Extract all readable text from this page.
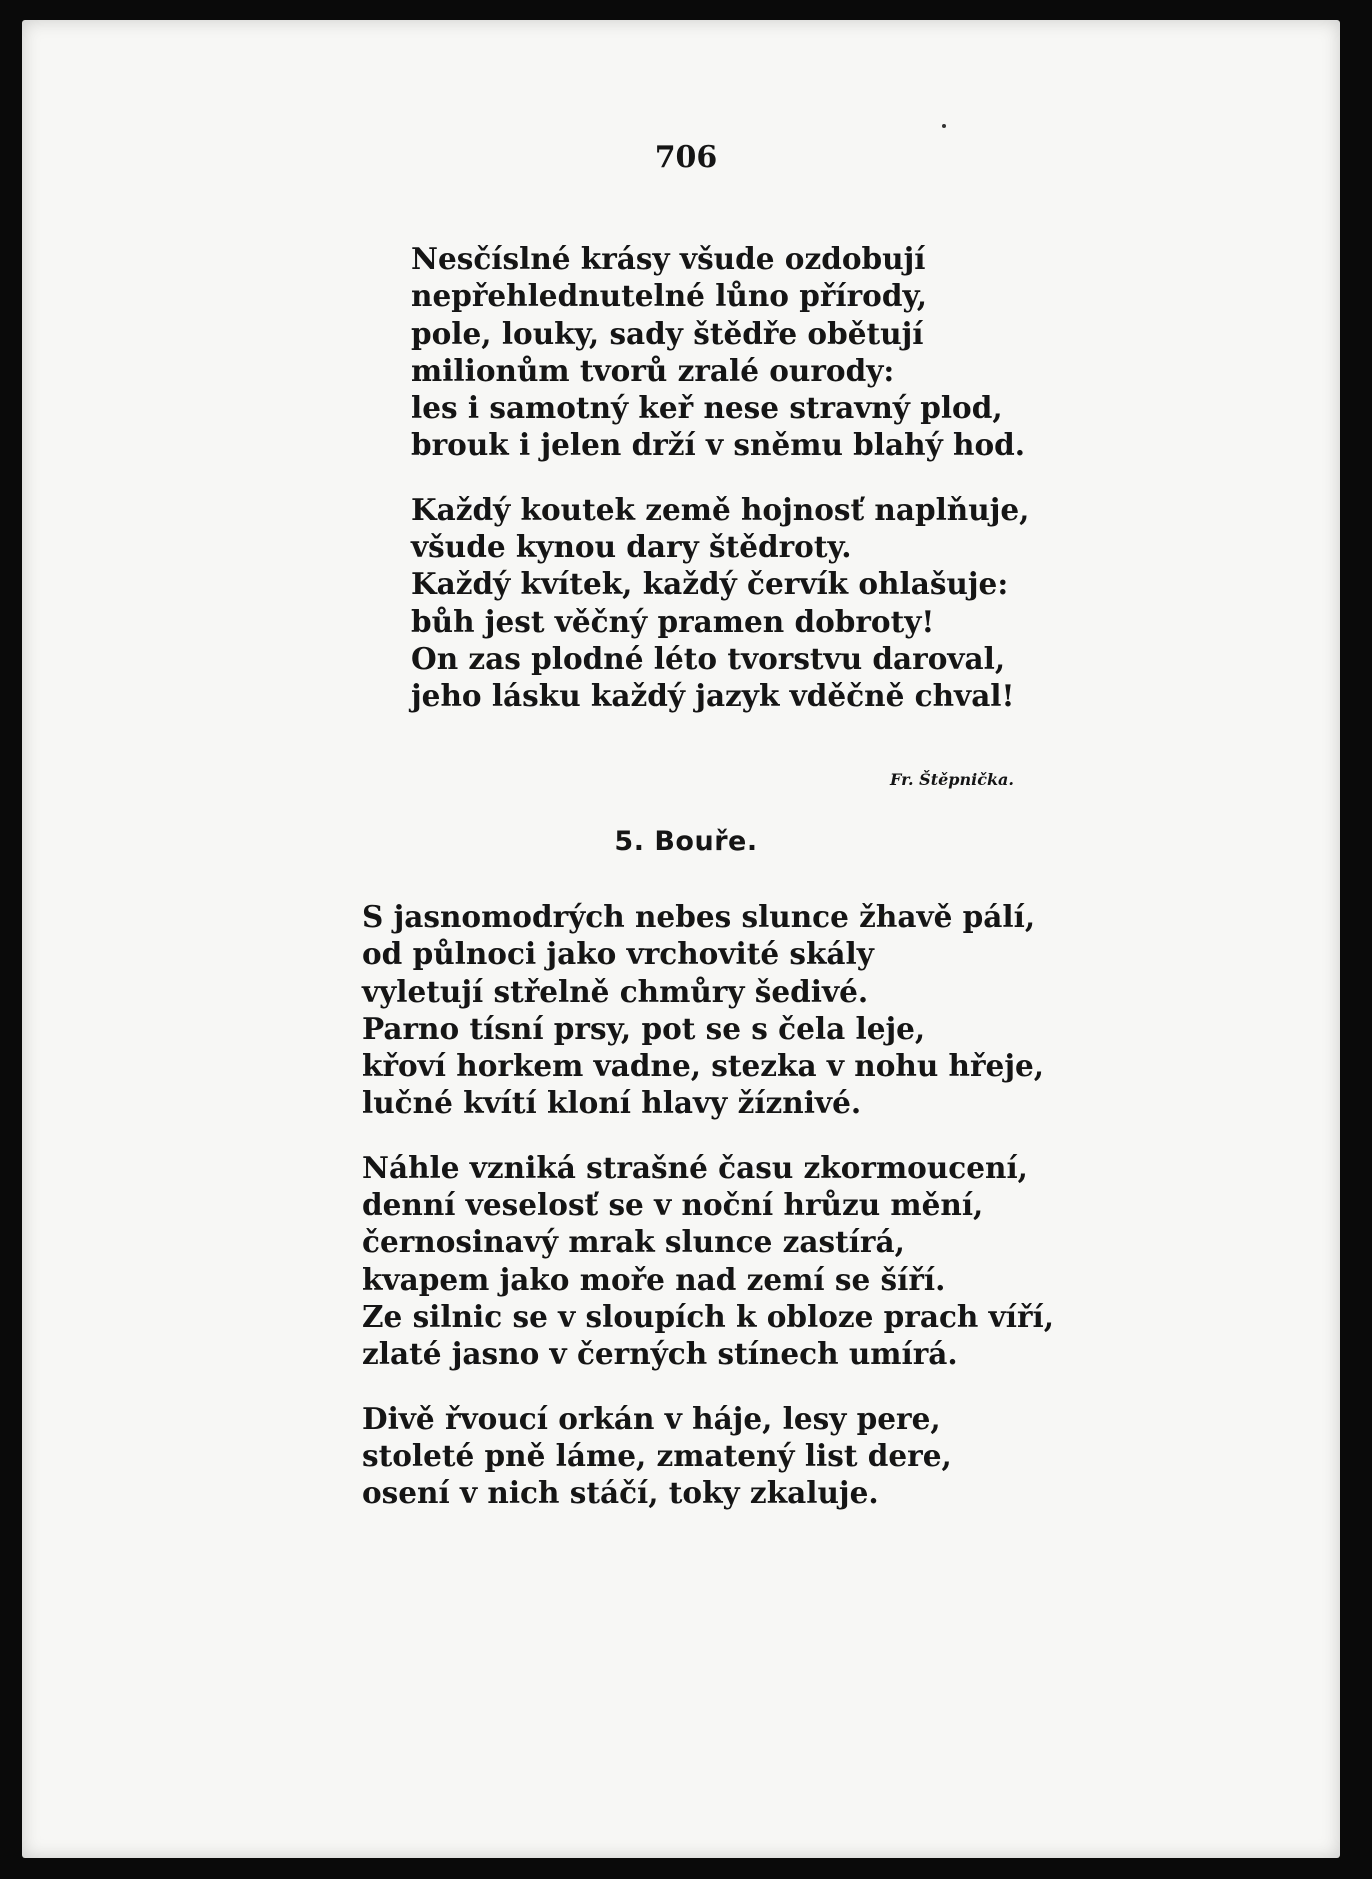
706
Nesčíslné krásy všude ozdobují
nepřehlednutelné lůno přírody,
pole, louky, sady štědře obětují
milionům tvorů zralé ourody:
les i samotný keř nese stravný plod,
brouk i jelen drží v sněmu blahý hod.
Každý koutek země hojnosť naplňuje,
všude kynou dary štědroty.
Každý kvítek, každý červík ohlašuje:
bůh jest věčný pramen dobroty!
On zas plodné léto tvorstvu daroval,
jeho lásku každý jazyk vděčně chval!
Fr. Štěpnička.
5. Bouře.
S jasnomodrých nebes slunce žhavě pálí,
od půlnoci jako vrchovité skály
vyletují střelně chmůry šedivé.
Parno tísní prsy, pot se s čela leje,
křoví horkem vadne, stezka v nohu hřeje,
lučné kvítí kloní hlavy žíznivé.
Náhle vzniká strašné času zkormoucení,
denní veselosť se v noční hrůzu mění,
černosinavý mrak slunce zastírá,
kvapem jako moře nad zemí se šíří.
Ze silnic se v sloupích k obloze prach víří,
zlaté jasno v černých stínech umírá.
Divě řvoucí orkán v háje, lesy pere,
stoleté pně láme, zmatený list dere,
osení v nich stáčí, toky zkaluje.
